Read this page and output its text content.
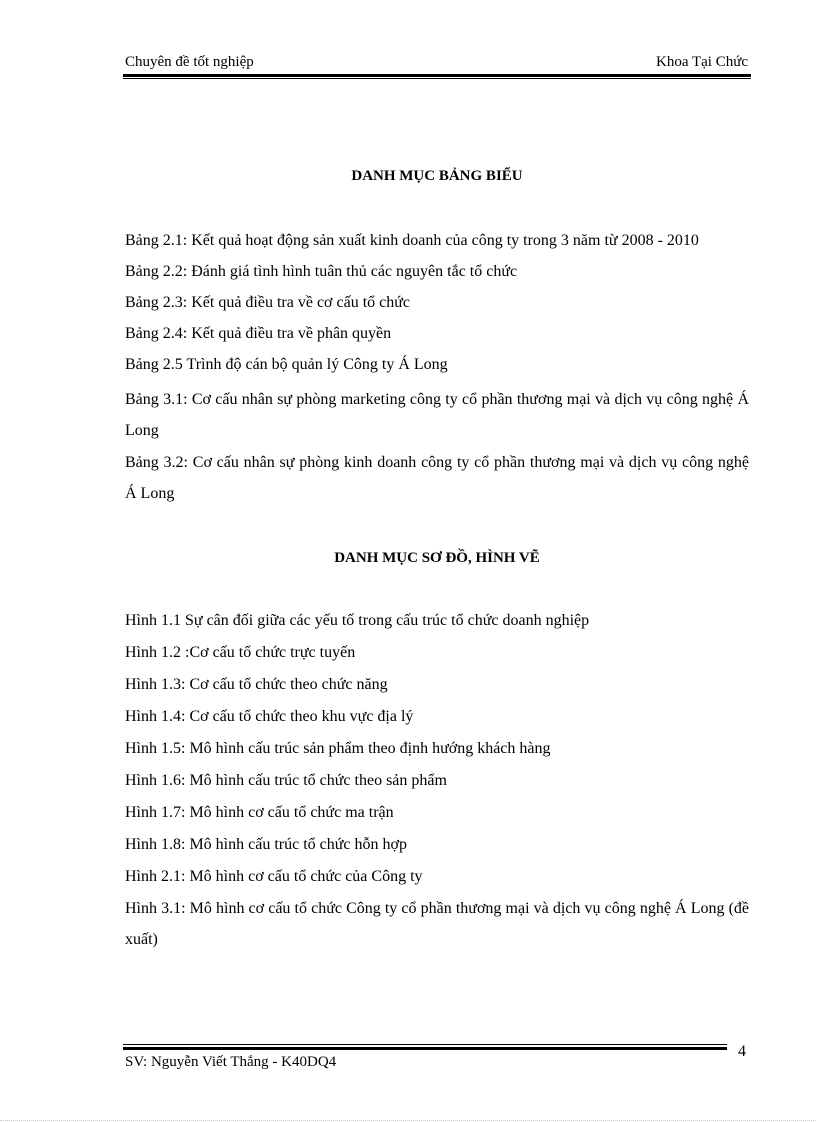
Chuyên đề tốt nghiệp	Khoa Tại Chức
DANH MỤC BẢNG BIỂU
Bảng 2.1: Kết quả hoạt động sản xuất kinh doanh của công ty trong 3 năm từ 2008 - 2010
Bảng 2.2: Đánh giá tình hình tuân thủ các nguyên tắc tổ chức
Bảng 2.3: Kết quả điều tra về cơ cấu tổ chức
Bảng 2.4: Kết quả điều tra về phân quyền
Bảng 2.5 Trình độ cán bộ quản lý Công ty Á Long
Bảng 3.1: Cơ cấu nhân sự phòng marketing công ty cổ phần thương mại và dịch vụ công nghệ Á Long
Bảng 3.2: Cơ cấu nhân sự phòng kinh doanh công ty cổ phần thương mại và dịch vụ công nghệ Á Long
DANH MỤC SƠ ĐỒ, HÌNH VẼ
Hình 1.1 Sự cân đối giữa các yếu tố trong cấu trúc tổ chức doanh nghiệp
Hình 1.2 :Cơ cấu tổ chức trực tuyến
Hình 1.3: Cơ cấu tổ chức theo chức năng
Hình 1.4: Cơ cấu tổ chức theo khu vực địa lý
Hình 1.5: Mô hình cấu trúc sản phẩm theo định hướng khách hàng
Hình 1.6: Mô hình cấu trúc tổ chức theo sản phẩm
Hình 1.7: Mô hình cơ cấu tổ chức ma trận
Hình 1.8: Mô hình cấu trúc tổ chức hỗn hợp
Hình 2.1: Mô hình cơ cấu tổ chức của Công ty
Hình 3.1: Mô hình cơ cấu tổ chức Công ty cổ phần thương mại và dịch vụ công nghệ Á Long (đề xuất)
SV: Nguyễn Viết Thắng - K40DQ4
4
